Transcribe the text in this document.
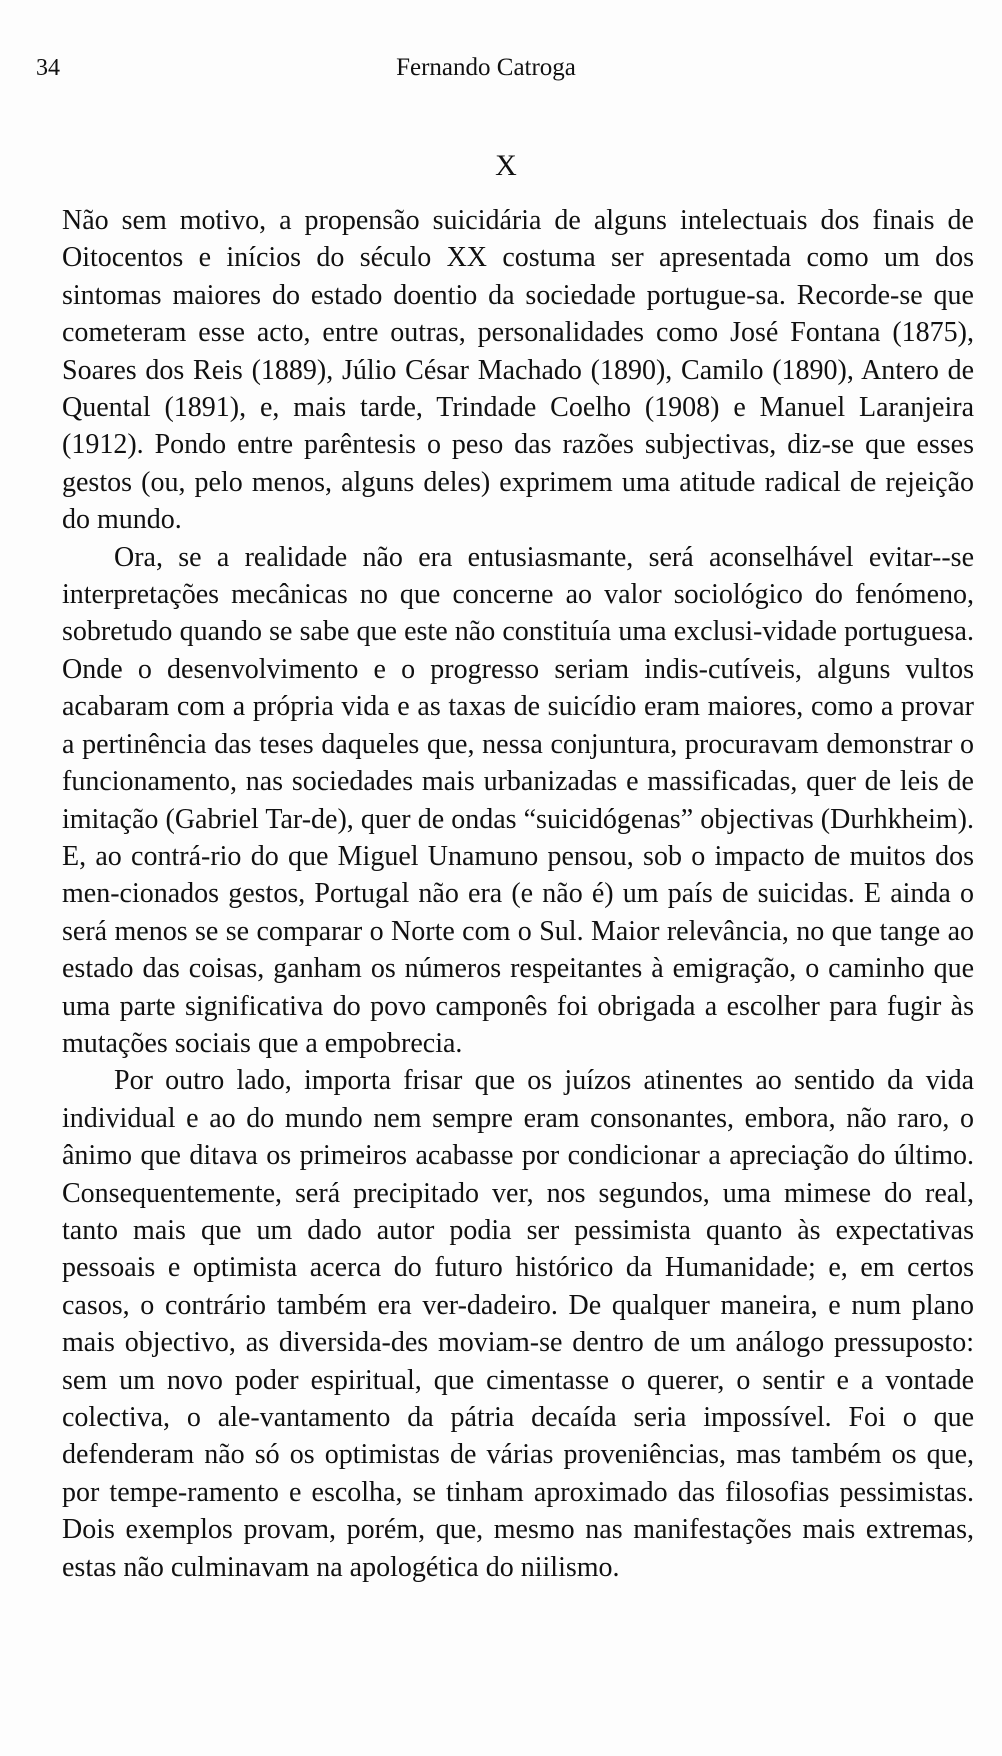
34	Fernando Catroga
X

Não sem motivo, a propensão suicidária de alguns intelectuais dos finais de Oitocentos e inícios do século XX costuma ser apresentada como um dos sintomas maiores do estado doentio da sociedade portugue-sa. Recorde-se que cometeram esse acto, entre outras, personalidades como José Fontana (1875), Soares dos Reis (1889), Júlio César Machado (1890), Camilo (1890), Antero de Quental (1891), e, mais tarde, Trindade Coelho (1908) e Manuel Laranjeira (1912). Pondo entre parêntesis o peso das razões subjectivas, diz-se que esses gestos (ou, pelo menos, alguns deles) exprimem uma atitude radical de rejeição do mundo.

Ora, se a realidade não era entusiasmante, será aconselhável evitar--se interpretações mecânicas no que concerne ao valor sociológico do fenómeno, sobretudo quando se sabe que este não constituía uma exclusi-vidade portuguesa. Onde o desenvolvimento e o progresso seriam indis-cutíveis, alguns vultos acabaram com a própria vida e as taxas de suicídio eram maiores, como a provar a pertinência das teses daqueles que, nessa conjuntura, procuravam demonstrar o funcionamento, nas sociedades mais urbanizadas e massificadas, quer de leis de imitação (Gabriel Tar-de), quer de ondas “suicidógenas” objectivas (Durhkheim). E, ao contrá-rio do que Miguel Unamuno pensou, sob o impacto de muitos dos men-cionados gestos, Portugal não era (e não é) um país de suicidas. E ainda o será menos se se comparar o Norte com o Sul. Maior relevância, no que tange ao estado das coisas, ganham os números respeitantes à emigração, o caminho que uma parte significativa do povo camponês foi obrigada a escolher para fugir às mutações sociais que a empobrecia.

Por outro lado, importa frisar que os juízos atinentes ao sentido da vida individual e ao do mundo nem sempre eram consonantes, embora, não raro, o ânimo que ditava os primeiros acabasse por condicionar a apreciação do último. Consequentemente, será precipitado ver, nos segundos, uma mimese do real, tanto mais que um dado autor podia ser pessimista quanto às expectativas pessoais e optimista acerca do futuro histórico da Humanidade; e, em certos casos, o contrário também era ver-dadeiro. De qualquer maneira, e num plano mais objectivo, as diversida-des moviam-se dentro de um análogo pressuposto: sem um novo poder espiritual, que cimentasse o querer, o sentir e a vontade colectiva, o ale-vantamento da pátria decaída seria impossível. Foi o que defenderam não só os optimistas de várias proveniências, mas também os que, por tempe-ramento e escolha, se tinham aproximado das filosofias pessimistas. Dois exemplos provam, porém, que, mesmo nas manifestações mais extremas, estas não culminavam na apologética do niilismo.
